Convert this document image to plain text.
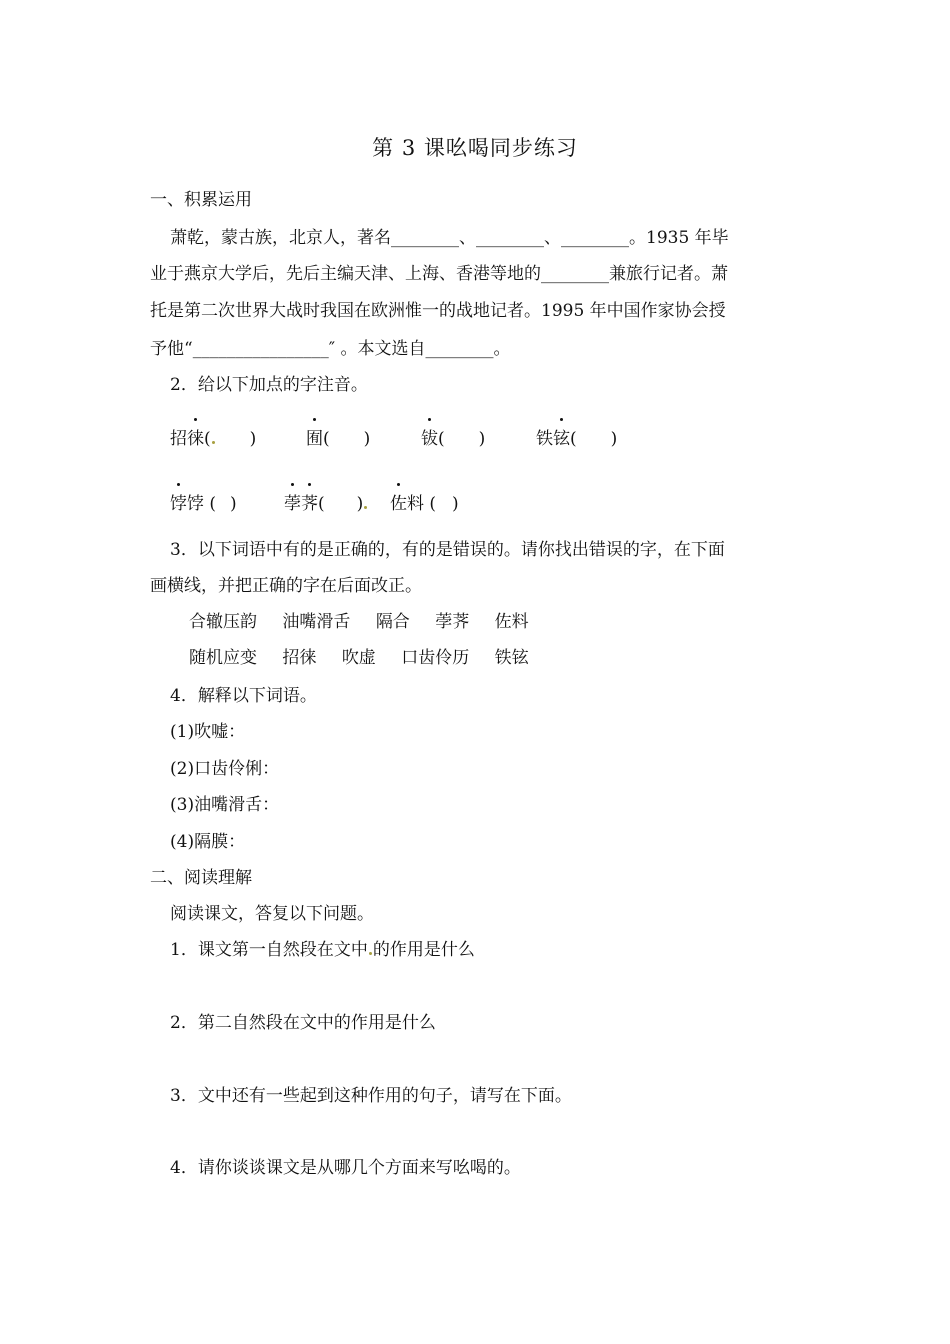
第 3 课吆喝同步练习
一、积累运用
萧乾，蒙古族，北京人，著名________、________、________。1935 年毕
业于燕京大学后，先后主编天津、上海、香港等地的________兼旅行记者。萧
托是第二次世界大战时我国在欧洲惟一的战地记者。1995 年中国作家协会授
予他“________________″ 。本文选自________。
2．给以下加点的字注音。
招徕( )	囿( )	钹( )	铁铉( )
饽饽 ( )	荸荠( ) 佐料 ( )
3．以下词语中有的是正确的，有的是错误的。请你找出错误的字，在下面
画横线，并把正确的字在后面改正。
合辙压韵 油嘴滑舌 隔合 荸荠 佐料
随机应变 招徕 吹虚 口齿伶历 铁铉
4．解释以下词语。
(1)吹嘘：
(2)口齿伶俐：
(3)油嘴滑舌：
(4)隔膜：
二、阅读理解
阅读课文，答复以下问题。
1．课文第一自然段在文中 的作用是什么
2．第二自然段在文中的作用是什么
3．文中还有一些起到这种作用的句子，请写在下面。
4．请你谈谈课文是从哪几个方面来写吆喝的。
